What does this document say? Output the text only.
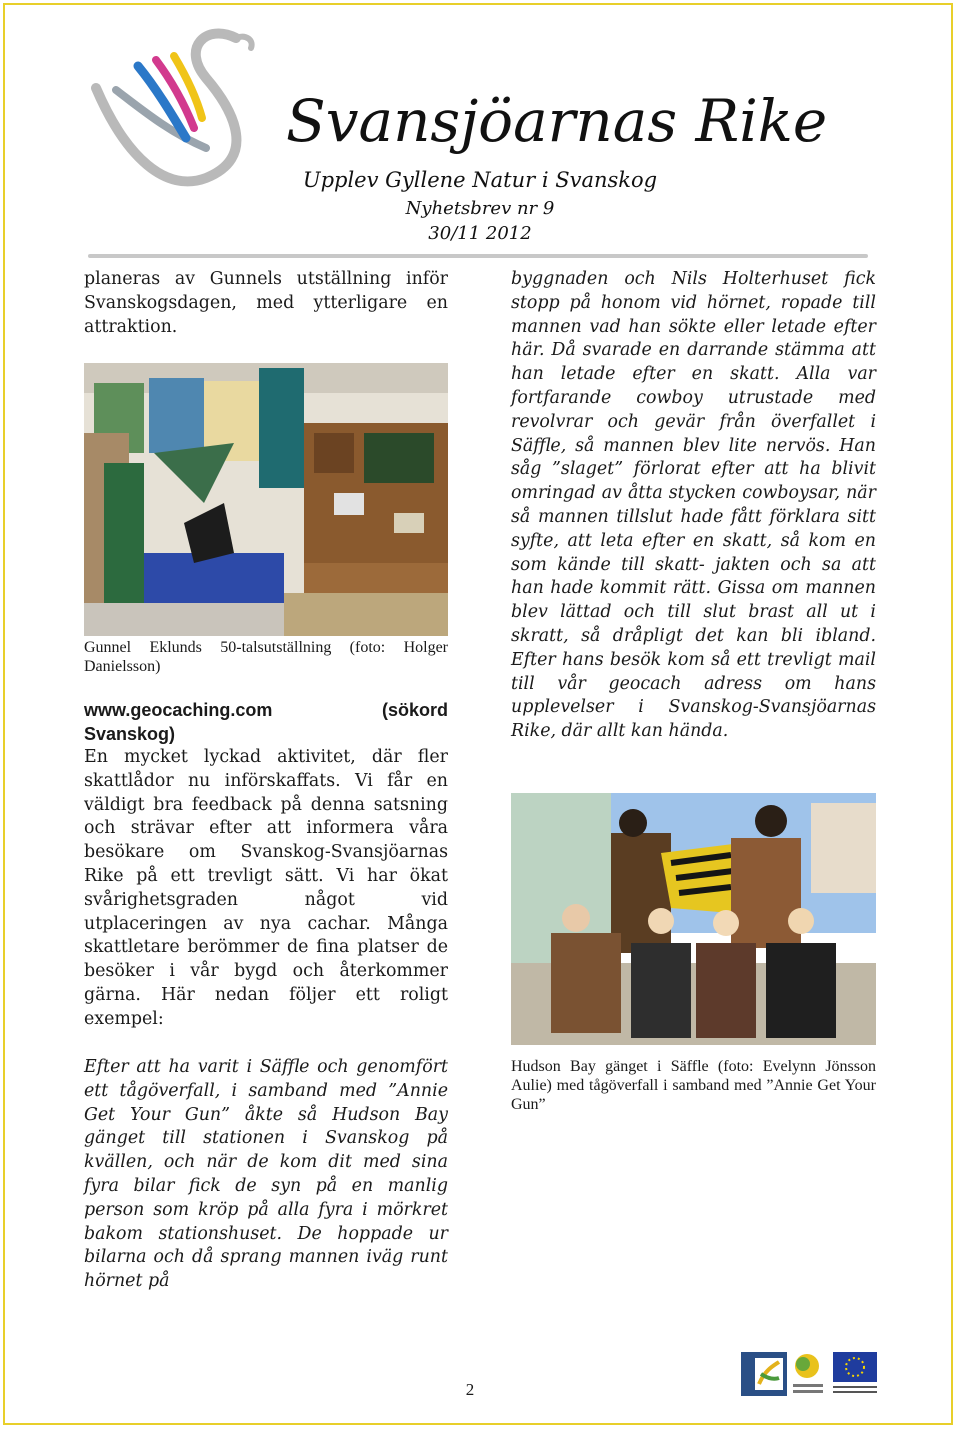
Svansjöarnas Rike
Upplev Gyllene Natur i Svanskog
Nyhetsbrev nr 9
30/11 2012
planeras av Gunnels utställning inför Svanskogsdagen, med ytterligare en attraktion.
Gunnel Eklunds 50-talsutställning (foto: Holger Danielsson)
www.geocaching.com	(sökord
Svanskog)
En mycket lyckad aktivitet, där fler skattlådor nu införskaffats. Vi får en väldigt bra feedback på denna satsning och strävar efter att informera våra besökare om Svanskog-Svansjöarnas Rike på ett trevligt sätt. Vi har ökat svårighetsgraden något vid utplaceringen av nya cachar. Många skattletare berömmer de fina platser de besöker i vår bygd och återkommer gärna. Här nedan följer ett roligt exempel:
Efter att ha varit i Säffle och genomfört ett tågöverfall, i samband med ”Annie Get Your Gun” åkte så Hudson Bay gänget till stationen i Svanskog på kvällen, och när de kom dit med sina fyra bilar fick de syn på en manlig person som kröp på alla fyra i mörkret bakom stationshuset. De hoppade ur bilarna och då sprang mannen iväg runt hörnet på
byggnaden och Nils Holterhuset fick stopp på honom vid hörnet, ropade till mannen vad han sökte eller letade efter här. Då svarade en darrande stämma att han letade efter en skatt. Alla var fortfarande cowboy utrustade med revolvrar och gevär från överfallet i Säffle, så mannen blev lite nervös. Han såg ”slaget” förlorat efter att ha blivit omringad av åtta stycken cowboysar, när så mannen tillslut hade fått förklara sitt syfte, att leta efter en skatt, så kom en som kände till skatt- jakten och sa att han hade kommit rätt. Gissa om mannen blev lättad och till slut brast all ut i skratt, så dråpligt det kan bli ibland. Efter hans besök kom så ett trevligt mail till vår geocach adress om hans upplevelser i Svanskog-Svansjöarnas Rike, där allt kan hända.
Hudson Bay gänget i Säffle (foto: Evelynn Jönsson Aulie) med tågöverfall i samband med ”Annie Get Your Gun”
2
